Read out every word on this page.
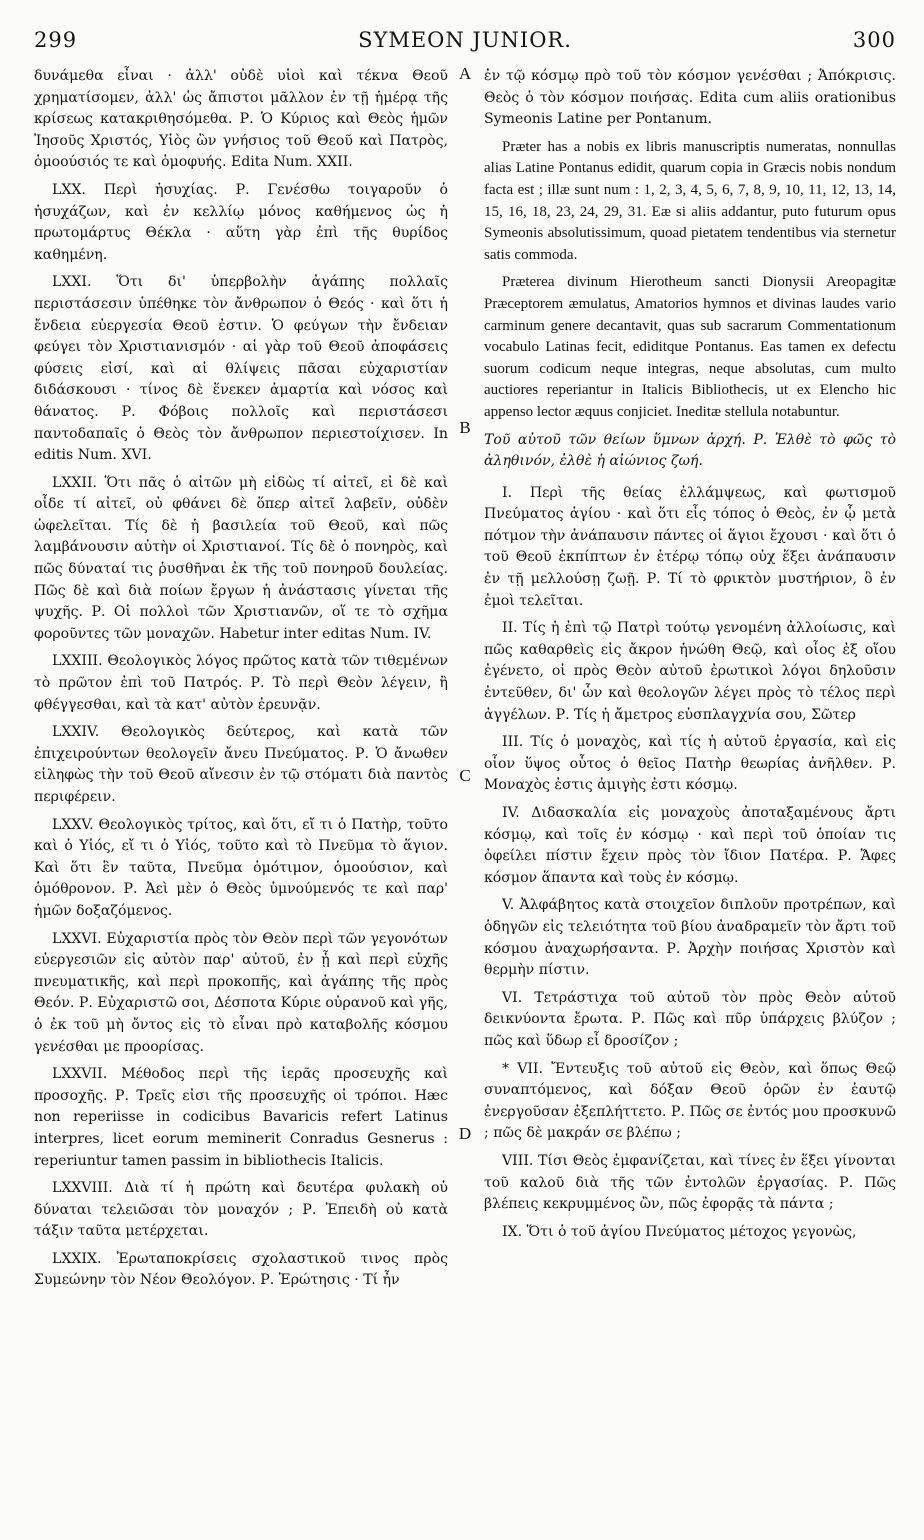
299	SYMEON JUNIOR.	300

δυνάμεθα εἶναι · ἀλλ' οὐδὲ υἱοὶ καὶ τέκνα Θεοῦ χρηματίσομεν, ἀλλ' ὡς ἄπιστοι μᾶλλον ἐν τῇ ἡμέρᾳ τῆς κρίσεως κατακριθησόμεθα. Ρ. Ὁ Κύριος καὶ Θεὸς ἡμῶν Ἰησοῦς Χριστός, Υἱὸς ὢν γνήσιος τοῦ Θεοῦ καὶ Πατρὸς, ὁμοούσιός τε καὶ ὁμοφυής. Edita Num. XXII.

LXX. Περὶ ἡσυχίας. Ρ. Γενέσθω τοιγαροῦν ὁ ἡσυχάζων, καὶ ἐν κελλίῳ μόνος καθήμενος ὡς ἡ πρωτομάρτυς Θέκλα · αὕτη γὰρ ἐπὶ τῆς θυρίδος καθημένη.

LXXI. Ὅτι δι' ὑπερβολὴν ἀγάπης πολλαῖς περιστάσεσιν ὑπέθηκε τὸν ἄνθρωπον ὁ Θεός · καὶ ὅτι ἡ ἔνδεια εὐεργεσία Θεοῦ ἐστιν. Ὁ φεύγων τὴν ἔνδειαν φεύγει τὸν Χριστιανισμόν · αἱ γὰρ τοῦ Θεοῦ ἀποφάσεις φύσεις εἰσί, καὶ αἱ θλίψεις πᾶσαι εὐχαριστίαν διδάσκουσι · τίνος δὲ ἕνεκεν ἁμαρτία καὶ νόσος καὶ θάνατος. Ρ. Φόβοις πολλοῖς καὶ περιστάσεσι παντοδαπαῖς ὁ Θεὸς τὸν ἄνθρωπον περιεστοίχισεν. In editis Num. XVI.

LXXII. Ὅτι πᾶς ὁ αἰτῶν μὴ εἰδὼς τί αἰτεῖ, εἰ δὲ καὶ οἶδε τί αἰτεῖ, οὐ φθάνει δὲ ὅπερ αἰτεῖ λαβεῖν, οὐδὲν ὠφελεῖται. Τίς δὲ ἡ βασιλεία τοῦ Θεοῦ, καὶ πῶς λαμβάνουσιν αὐτὴν οἱ Χριστιανοί. Τίς δὲ ὁ πονηρὸς, καὶ πῶς δύναταί τις ῥυσθῆναι ἐκ τῆς τοῦ πονηροῦ δουλείας. Πῶς δὲ καὶ διὰ ποίων ἔργων ἡ ἀνάστασις γίνεται τῆς ψυχῆς. Ρ. Οἱ πολλοὶ τῶν Χριστιανῶν, οἵ τε τὸ σχῆμα φοροῦντες τῶν μοναχῶν. Habetur inter editas Num. IV.

LXXIII. Θεολογικὸς λόγος πρῶτος κατὰ τῶν τιθεμένων τὸ πρῶτον ἐπὶ τοῦ Πατρός. Ρ. Τὸ περὶ Θεὸν λέγειν, ἢ φθέγγεσθαι, καὶ τὰ κατ' αὐτὸν ἐρευνᾷν.

LXXIV. Θεολογικὸς δεύτερος, καὶ κατὰ τῶν ἐπιχειρούντων θεολογεῖν ἄνευ Πνεύματος. Ρ. Ὁ ἄνωθεν εἰληφὼς τὴν τοῦ Θεοῦ αἴνεσιν ἐν τῷ στόματι διὰ παντὸς περιφέρειν.

LXXV. Θεολογικὸς τρίτος, καὶ ὅτι, εἴ τι ὁ Πατὴρ, τοῦτο καὶ ὁ Υἱός, εἴ τι ὁ Υἱός, τοῦτο καὶ τὸ Πνεῦμα τὸ ἅγιον. Καὶ ὅτι ἓν ταῦτα, Πνεῦμα ὁμότιμον, ὁμοούσιον, καὶ ὁμόθρονον. Ρ. Ἀεὶ μὲν ὁ Θεὸς ὑμνούμενός τε καὶ παρ' ἡμῶν δοξαζόμενος.

LXXVI. Εὐχαριστία πρὸς τὸν Θεὸν περὶ τῶν γεγονότων εὐεργεσιῶν εἰς αὐτὸν παρ' αὐτοῦ, ἐν ᾗ καὶ περὶ εὐχῆς πνευματικῆς, καὶ περὶ προκοπῆς, καὶ ἀγάπης τῆς πρὸς Θεόν. Ρ. Εὐχαριστῶ σοι, Δέσποτα Κύριε οὐρανοῦ καὶ γῆς, ὁ ἐκ τοῦ μὴ ὄντος εἰς τὸ εἶναι πρὸ καταβολῆς κόσμου γενέσθαι με προορίσας.

LXXVII. Μέθοδος περὶ τῆς ἱερᾶς προσευχῆς καὶ προσοχῆς. Ρ. Τρεῖς εἰσι τῆς προσευχῆς οἱ τρόποι. Hæc non reperiisse in codicibus Bavaricis refert Latinus interpres, licet eorum meminerit Conradus Gesnerus : reperiuntur tamen passim in bibliothecis Italicis.

LXXVIII. Διὰ τί ἡ πρώτη καὶ δευτέρα φυλακὴ οὐ δύναται τελειῶσαι τὸν μοναχόν ; Ρ. Ἐπειδὴ οὐ κατὰ τάξιν ταῦτα μετέρχεται.

LXXIX. Ἐρωταποκρίσεις σχολαστικοῦ τινος πρὸς Συμεώνην τὸν Νέον Θεολόγον. Ρ. Ἐρώτησις · Τί ἦν

A
B
C
D

ἐν τῷ κόσμῳ πρὸ τοῦ τὸν κόσμον γενέσθαι ; Ἀπόκρισις. Θεὸς ὁ τὸν κόσμον ποιήσας. Edita cum aliis orationibus Symeonis Latine per Pontanum.

Præter has a nobis ex libris manuscriptis numeratas, nonnullas alias Latine Pontanus edidit, quarum copia in Græcis nobis nondum facta est ; illæ sunt num : 1, 2, 3, 4, 5, 6, 7, 8, 9, 10, 11, 12, 13, 14, 15, 16, 18, 23, 24, 29, 31. Eæ si aliis addantur, puto futurum opus Symeonis absolutissimum, quoad pietatem tendentibus via sternetur satis commoda.

Præterea divinum Hierotheum sancti Dionysii Areopagitæ Præceptorem æmulatus, Amatorios hymnos et divinas laudes vario carminum genere decantavit, quas sub sacrarum Commentationum vocabulo Latinas fecit, ediditque Pontanus. Eas tamen ex defectu suorum codicum neque integras, neque absolutas, cum multo auctiores reperiantur in Italicis Bibliothecis, ut ex Elencho hic appenso lector æquus conjiciet. Ineditæ stellula notabuntur.

Τοῦ αὐτοῦ τῶν θείων ὕμνων ἀρχή. Ρ. Ἐλθὲ τὸ φῶς τὸ ἀληθινόν, ἐλθὲ ἡ αἰώνιος ζωή.

I. Περὶ τῆς θείας ἐλλάμψεως, καὶ φωτισμοῦ Πνεύματος ἁγίου · καὶ ὅτι εἷς τόπος ὁ Θεὸς, ἐν ᾧ μετὰ πότμον τὴν ἀνάπαυσιν πάντες οἱ ἅγιοι ἔχουσι · καὶ ὅτι ὁ τοῦ Θεοῦ ἐκπίπτων ἐν ἑτέρῳ τόπῳ οὐχ ἕξει ἀνάπαυσιν ἐν τῇ μελλούσῃ ζωῇ. Ρ. Τί τὸ φρικτὸν μυστήριον, ὃ ἐν ἐμοὶ τελεῖται.

II. Τίς ἡ ἐπὶ τῷ Πατρὶ τούτῳ γενομένη ἀλλοίωσις, καὶ πῶς καθαρθεὶς εἰς ἄκρον ἡνώθη Θεῷ, καὶ οἷος ἐξ οἵου ἐγένετο, οἱ πρὸς Θεὸν αὐτοῦ ἐρωτικοὶ λόγοι δηλοῦσιν ἐντεῦθεν, δι' ὧν καὶ θεολογῶν λέγει πρὸς τὸ τέλος περὶ ἀγγέλων. Ρ. Τίς ἡ ἄμετρος εὐσπλαγχνία σου, Σῶτερ

III. Τίς ὁ μοναχὸς, καὶ τίς ἡ αὐτοῦ ἐργασία, καὶ εἰς οἷον ὕψος οὗτος ὁ θεῖος Πατὴρ θεωρίας ἀνῆλθεν. Ρ. Μοναχὸς ἐστις ἀμιγὴς ἐστι κόσμῳ.

IV. Διδασκαλία εἰς μοναχοὺς ἀποταξαμένους ἄρτι κόσμῳ, καὶ τοῖς ἐν κόσμῳ · καὶ περὶ τοῦ ὁποίαν τις ὀφείλει πίστιν ἔχειν πρὸς τὸν ἴδιον Πατέρα. Ρ. Ἄφες κόσμον ἅπαντα καὶ τοὺς ἐν κόσμῳ.

V. Ἀλφάβητος κατὰ στοιχεῖον διπλοῦν προτρέπων, καὶ ὁδηγῶν εἰς τελειότητα τοῦ βίου ἀναδραμεῖν τὸν ἄρτι τοῦ κόσμου ἀναχωρήσαντα. Ρ. Ἀρχὴν ποιήσας Χριστὸν καὶ θερμὴν πίστιν.

VI. Τετράστιχα τοῦ αὐτοῦ τὸν πρὸς Θεὸν αὐτοῦ δεικνύοντα ἔρωτα. Ρ. Πῶς καὶ πῦρ ὑπάρχεις βλύζον ; πῶς καὶ ὕδωρ εἶ δροσίζον ;

* VII. Ἔντευξις τοῦ αὐτοῦ εἰς Θεὸν, καὶ ὅπως Θεῷ συναπτόμενος, καὶ δόξαν Θεοῦ ὁρῶν ἐν ἑαυτῷ ἐνεργοῦσαν ἐξεπλήττετο. Ρ. Πῶς σε ἐντός μου προσκυνῶ ; πῶς δὲ μακράν σε βλέπω ;

VIII. Τίσι Θεὸς ἐμφανίζεται, καὶ τίνες ἐν ἕξει γίνονται τοῦ καλοῦ διὰ τῆς τῶν ἐντολῶν ἐργασίας. Ρ. Πῶς βλέπεις κεκρυμμένος ὢν, πῶς ἐφορᾷς τὰ πάντα ;

IX. Ὅτι ὁ τοῦ ἁγίου Πνεύματος μέτοχος γεγονὼς,
